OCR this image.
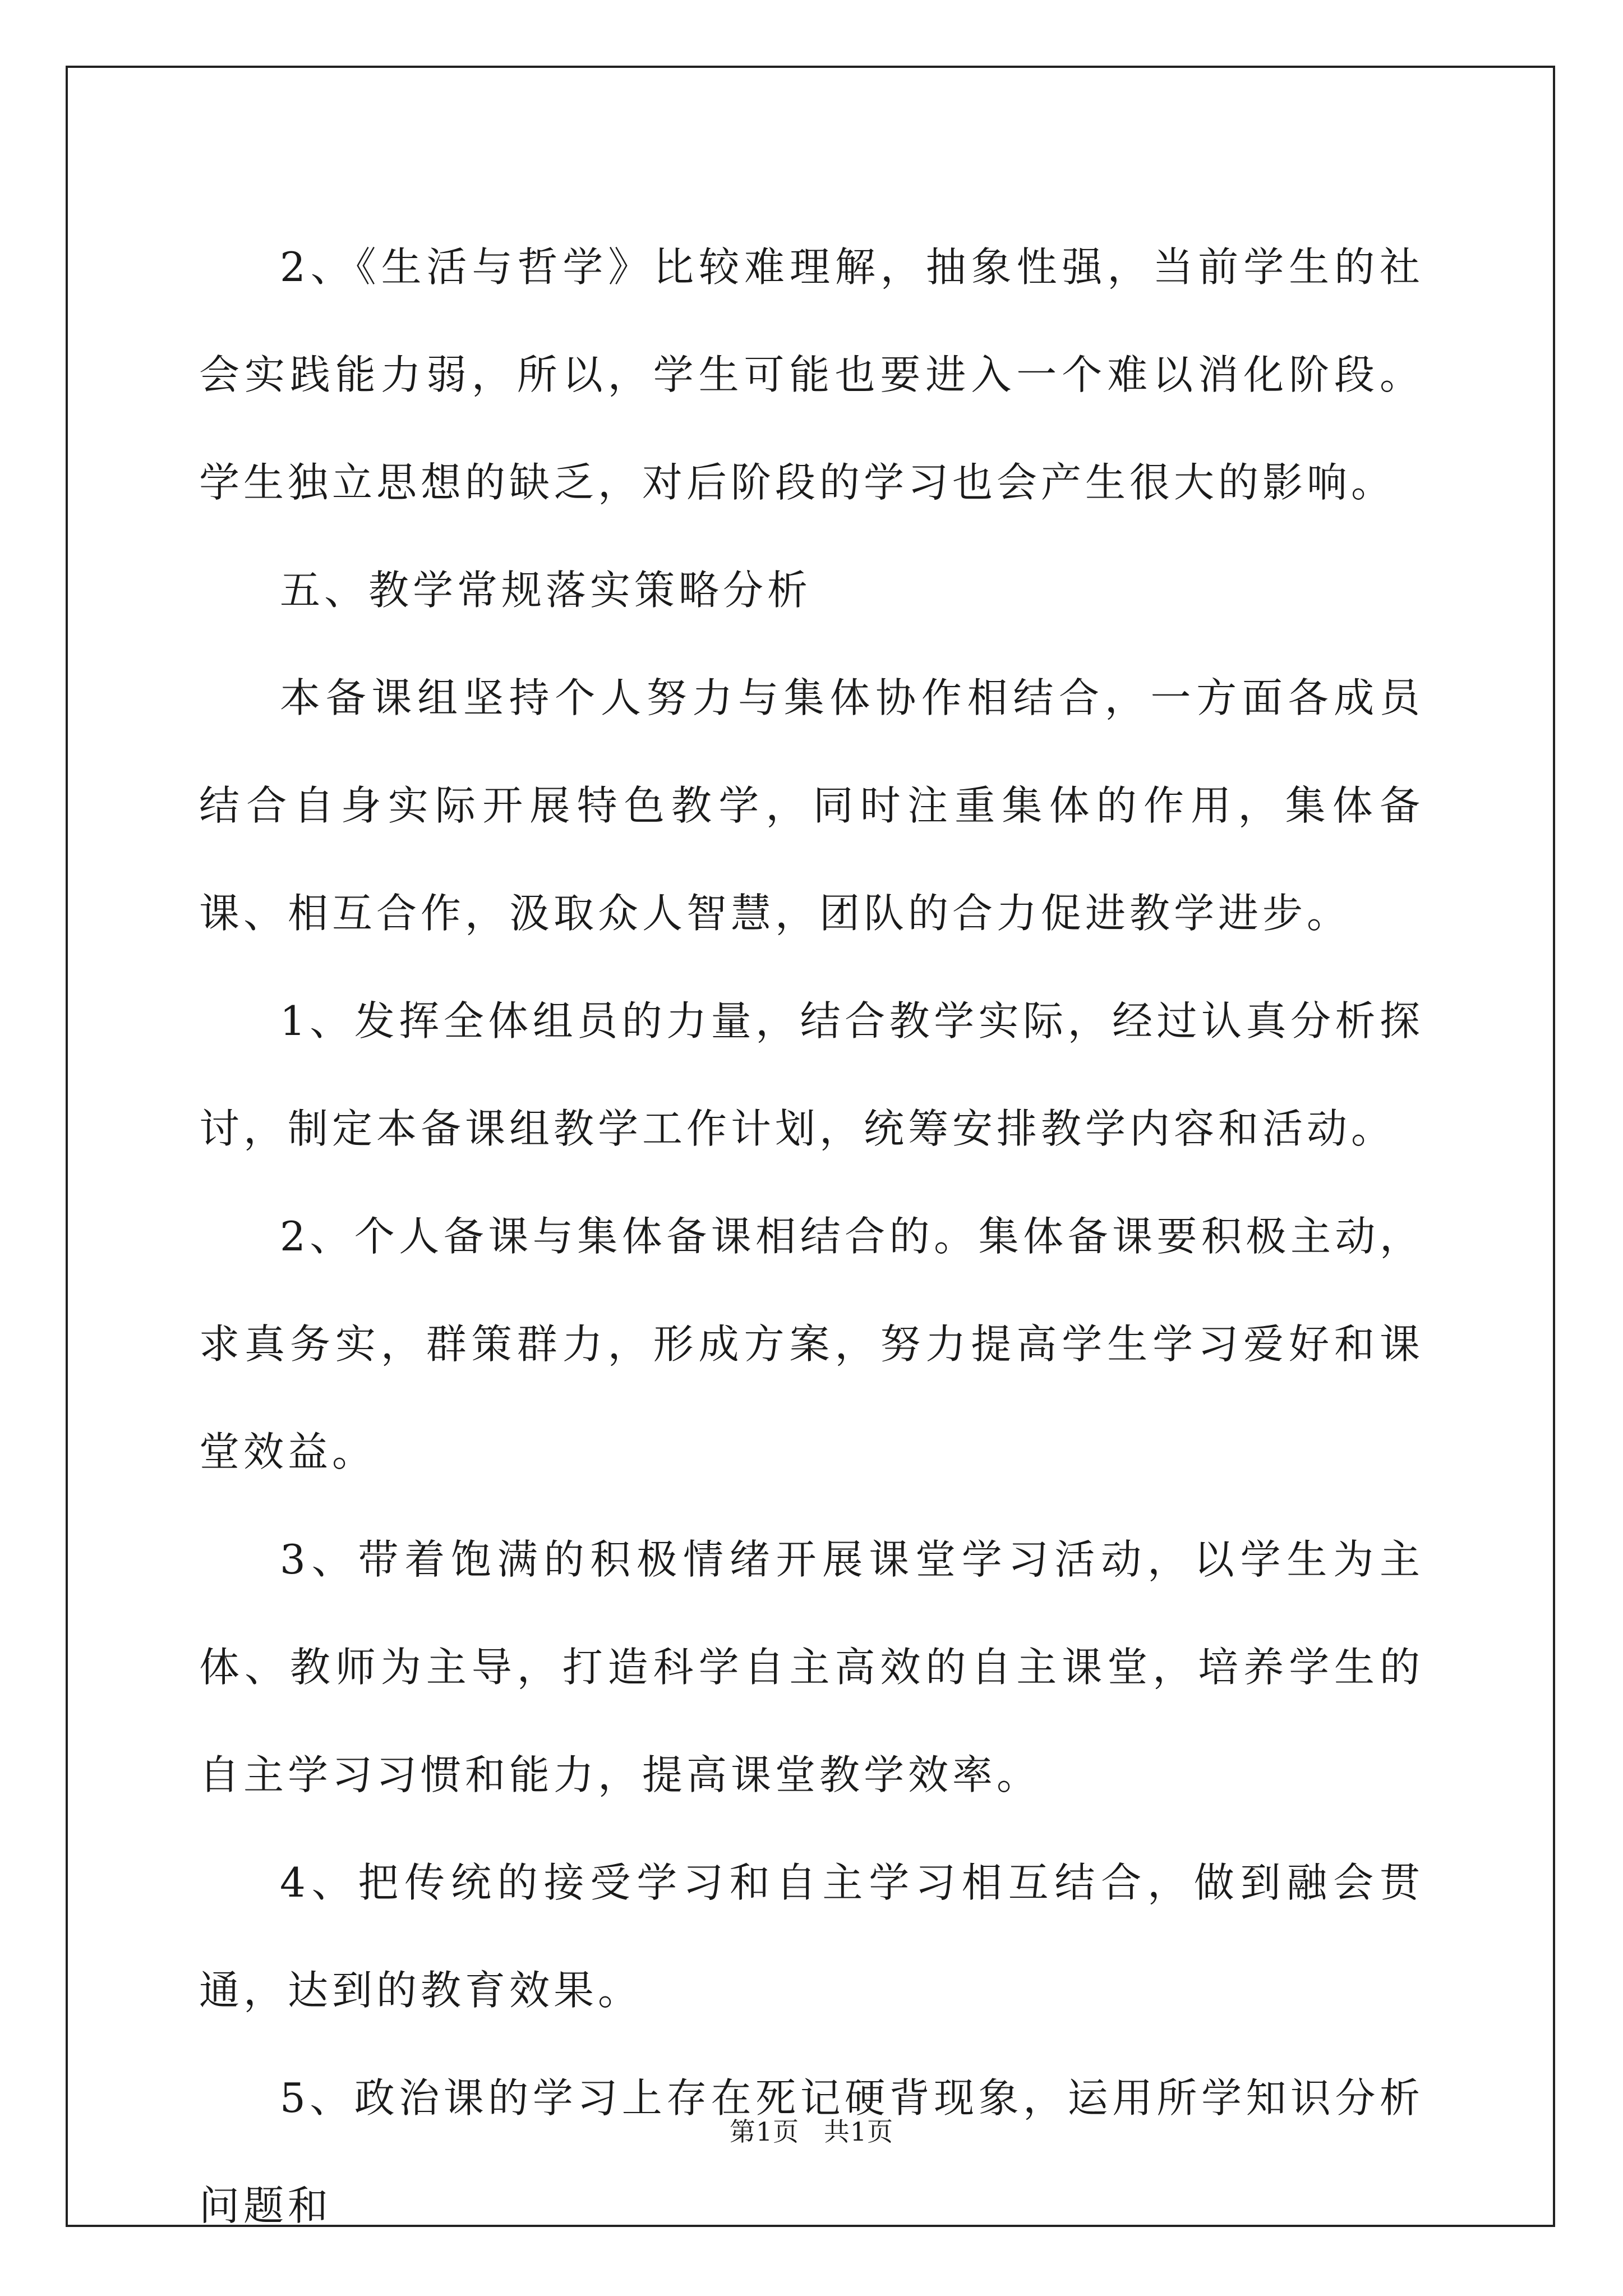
2、《生活与哲学》比较难理解，抽象性强，当前学生的社会实践能力弱，所以，学生可能也要进入一个难以消化阶段。学生独立思想的缺乏，对后阶段的学习也会产生很大的影响。

五、教学常规落实策略分析

本备课组坚持个人努力与集体协作相结合，一方面各成员结合自身实际开展特色教学，同时注重集体的作用，集体备课、相互合作，汲取众人智慧，团队的合力促进教学进步。

1、发挥全体组员的力量，结合教学实际，经过认真分析探讨，制定本备课组教学工作计划，统筹安排教学内容和活动。

2、个人备课与集体备课相结合的。集体备课要积极主动，求真务实，群策群力，形成方案，努力提高学生学习爱好和课堂效益。

3、带着饱满的积极情绪开展课堂学习活动，以学生为主体、教师为主导，打造科学自主高效的自主课堂，培养学生的自主学习习惯和能力，提高课堂教学效率。

4、把传统的接受学习和自主学习相互结合，做到融会贯通，达到的教育效果。

5、政治课的学习上存在死记硬背现象，运用所学知识分析问题和

第1页 共1页
